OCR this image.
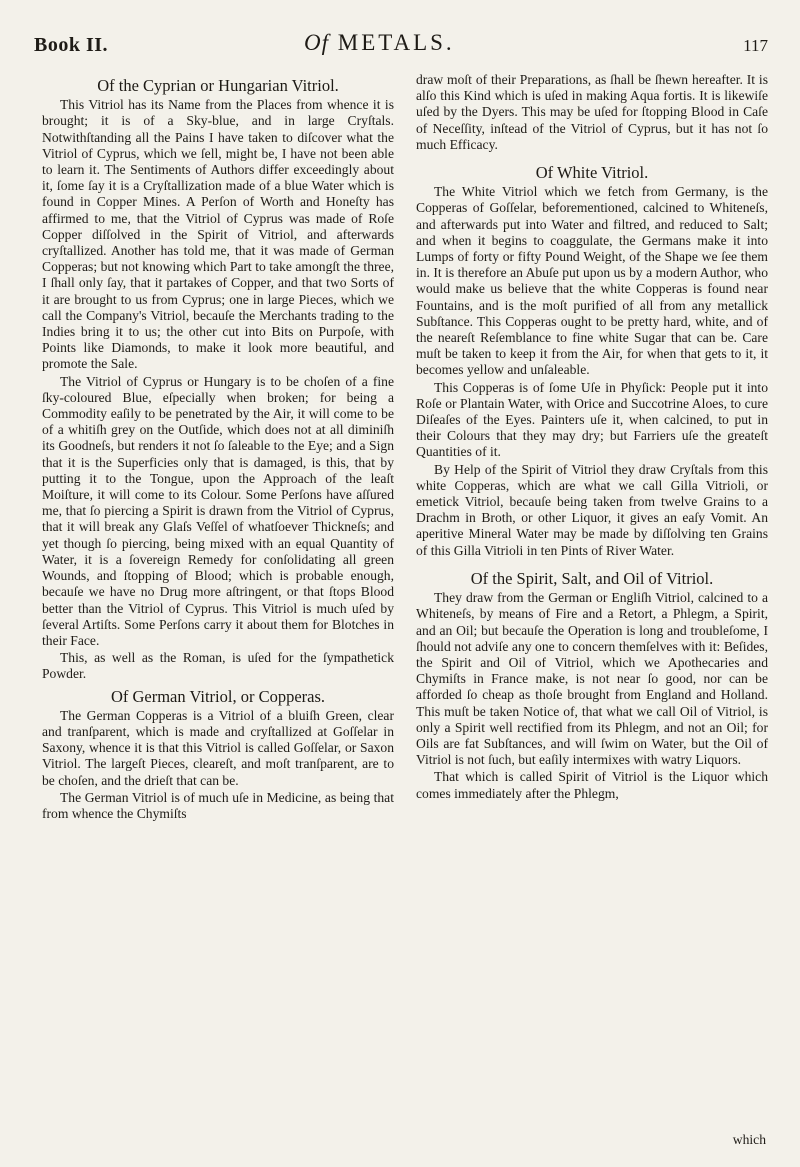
Book II.	Of METALS.	117
Of the Cyprian or Hungarian Vitriol.

This Vitriol has its Name from the Places from whence it is brought; it is of a Sky-blue, and in large Cryſtals. Notwithſtanding all the Pains I have taken to diſcover what the Vitriol of Cyprus, which we ſell, might be, I have not been able to learn it. The Sentiments of Authors differ exceedingly about it, ſome ſay it is a Cryſtallization made of a blue Water which is found in Copper Mines. A Perſon of Worth and Honeſty has affirmed to me, that the Vitriol of Cyprus was made of Roſe Copper diſſolved in the Spirit of Vitriol, and afterwards cryſtallized. Another has told me, that it was made of German Copperas; but not knowing which Part to take amongſt the three, I ſhall only ſay, that it partakes of Copper, and that two Sorts of it are brought to us from Cyprus; one in large Pieces, which we call the Company's Vitriol, becauſe the Merchants trading to the Indies bring it to us; the other cut into Bits on Purpoſe, with Points like Diamonds, to make it look more beautiful, and promote the Sale.

The Vitriol of Cyprus or Hungary is to be choſen of a fine ſky-coloured Blue, eſpecially when broken; for being a Commodity eaſily to be penetrated by the Air, it will come to be of a whitiſh grey on the Outſide, which does not at all diminiſh its Goodneſs, but renders it not ſo ſaleable to the Eye; and a Sign that it is the Superficies only that is damaged, is this, that by putting it to the Tongue, upon the Approach of the leaſt Moiſture, it will come to its Colour. Some Perſons have aſſured me, that ſo piercing a Spirit is drawn from the Vitriol of Cyprus, that it will break any Glaſs Veſſel of whatſoever Thickneſs; and yet though ſo piercing, being mixed with an equal Quantity of Water, it is a ſovereign Remedy for conſolidating all green Wounds, and ſtopping of Blood; which is probable enough, becauſe we have no Drug more aſtringent, or that ſtops Blood better than the Vitriol of Cyprus. This Vitriol is much uſed by ſeveral Artiſts. Some Perſons carry it about them for Blotches in their Face.

This, as well as the Roman, is uſed for the ſympathetick Powder.

Of German Vitriol, or Copperas.

The German Copperas is a Vitriol of a bluiſh Green, clear and tranſparent, which is made and cryſtallized at Goſſelar in Saxony, whence it is that this Vitriol is called Goſſelar, or Saxon Vitriol. The largeſt Pieces, cleareſt, and moſt tranſparent, are to be choſen, and the drieſt that can be.

The German Vitriol is of much uſe in Medicine, as being that from whence the Chymiſts

draw moſt of their Preparations, as ſhall be ſhewn hereafter. It is alſo this Kind which is uſed in making Aqua fortis. It is likewiſe uſed by the Dyers. This may be uſed for ſtopping Blood in Caſe of Neceſſity, inſtead of the Vitriol of Cyprus, but it has not ſo much Efficacy.

Of White Vitriol.

The White Vitriol which we fetch from Germany, is the Copperas of Goſſelar, beforementioned, calcined to Whiteneſs, and afterwards put into Water and filtred, and reduced to Salt; and when it begins to coaggulate, the Germans make it into Lumps of forty or fifty Pound Weight, of the Shape we ſee them in. It is therefore an Abuſe put upon us by a modern Author, who would make us believe that the white Copperas is found near Fountains, and is the moſt purified of all from any metallick Subſtance. This Copperas ought to be pretty hard, white, and of the neareſt Reſemblance to fine white Sugar that can be. Care muſt be taken to keep it from the Air, for when that gets to it, it becomes yellow and unſaleable.

This Copperas is of ſome Uſe in Phyſick: People put it into Roſe or Plantain Water, with Orice and Succotrine Aloes, to cure Diſeaſes of the Eyes. Painters uſe it, when calcined, to put in their Colours that they may dry; but Farriers uſe the greateſt Quantities of it.

By Help of the Spirit of Vitriol they draw Cryſtals from this white Copperas, which are what we call Gilla Vitrioli, or emetick Vitriol, becauſe being taken from twelve Grains to a Drachm in Broth, or other Liquor, it gives an eaſy Vomit. An aperitive Mineral Water may be made by diſſolving ten Grains of this Gilla Vitrioli in ten Pints of River Water.

Of the Spirit, Salt, and Oil of Vitriol.

They draw from the German or Engliſh Vitriol, calcined to a Whiteneſs, by means of Fire and a Retort, a Phlegm, a Spirit, and an Oil; but becauſe the Operation is long and troubleſome, I ſhould not adviſe any one to concern themſelves with it: Beſides, the Spirit and Oil of Vitriol, which we Apothecaries and Chymiſts in France make, is not near ſo good, nor can be afforded ſo cheap as thoſe brought from England and Holland. This muſt be taken Notice of, that what we call Oil of Vitriol, is only a Spirit well rectified from its Phlegm, and not an Oil; for Oils are fat Subſtances, and will ſwim on Water, but the Oil of Vitriol is not ſuch, but eaſily intermixes with watry Liquors.

That which is called Spirit of Vitriol is the Liquor which comes immediately after the Phlegm,

which
